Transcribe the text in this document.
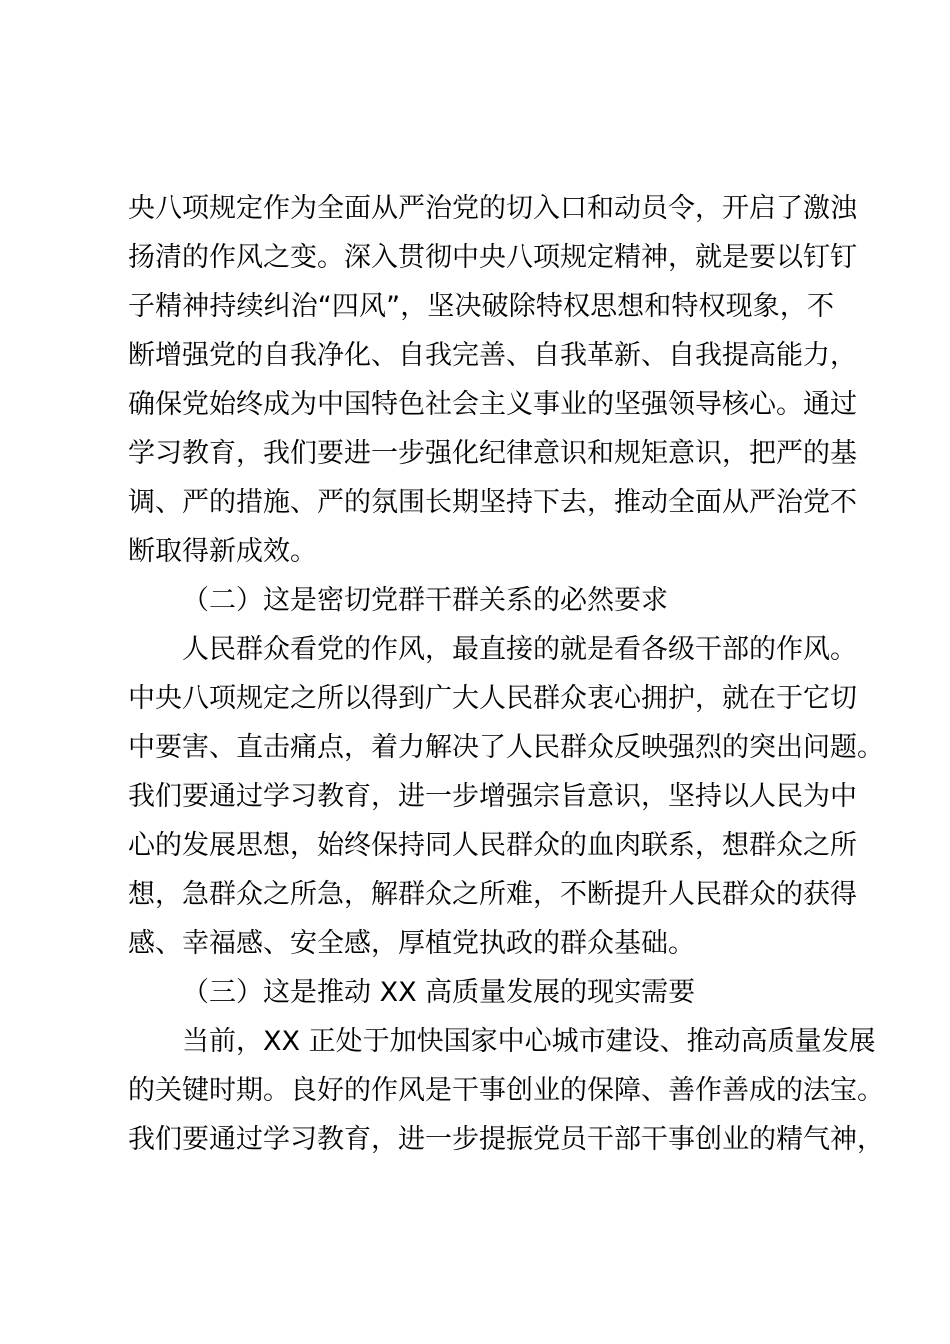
央八项规定作为全面从严治党的切入口和动员令，开启了激浊
扬清的作风之变。深入贯彻中央八项规定精神，就是要以钉钉
子精神持续纠治“四风”，坚决破除特权思想和特权现象，不
断增强党的自我净化、自我完善、自我革新、自我提高能力，
确保党始终成为中国特色社会主义事业的坚强领导核心。通过
学习教育，我们要进一步强化纪律意识和规矩意识，把严的基
调、严的措施、严的氛围长期坚持下去，推动全面从严治党不
断取得新成效。
（二）这是密切党群干群关系的必然要求
人民群众看党的作风，最直接的就是看各级干部的作风。
中央八项规定之所以得到广大人民群众衷心拥护，就在于它切
中要害、直击痛点，着力解决了人民群众反映强烈的突出问题。
我们要通过学习教育，进一步增强宗旨意识，坚持以人民为中
心的发展思想，始终保持同人民群众的血肉联系，想群众之所
想，急群众之所急，解群众之所难，不断提升人民群众的获得
感、幸福感、安全感，厚植党执政的群众基础。
（三）这是推动 XX 高质量发展的现实需要
当前，XX 正处于加快国家中心城市建设、推动高质量发展
的关键时期。良好的作风是干事创业的保障、善作善成的法宝。
我们要通过学习教育，进一步提振党员干部干事创业的精气神，
